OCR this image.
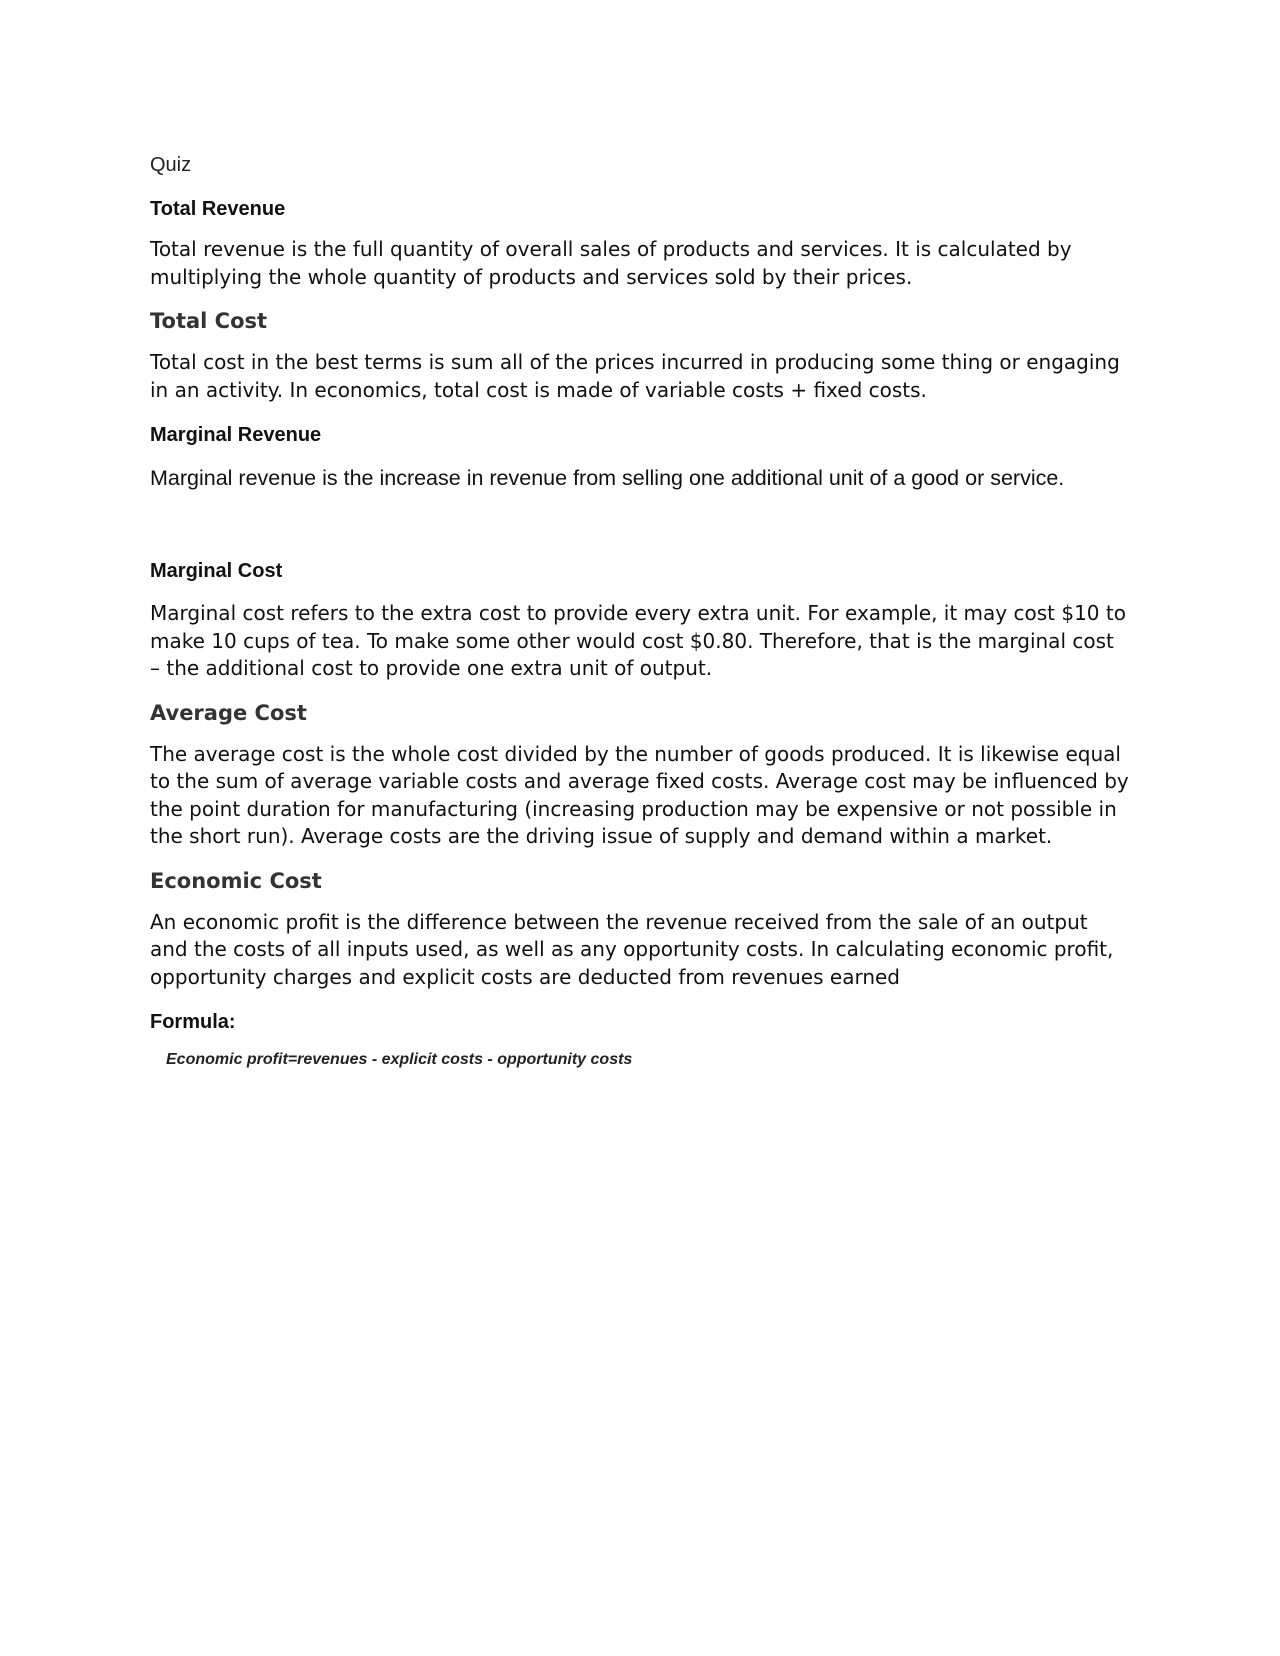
Quiz

Total Revenue

Total revenue is the full quantity of overall sales of products and services. It is calculated by multiplying the whole quantity of products and services sold by their prices.

Total Cost

Total cost in the best terms is sum all of the prices incurred in producing some thing or engaging in an activity. In economics, total cost is made of variable costs + fixed costs.

Marginal Revenue

Marginal revenue is the increase in revenue from selling one additional unit of a good or service.

Marginal Cost

Marginal cost refers to the extra cost to provide every extra unit. For example, it may cost $10 to make 10 cups of tea. To make some other would cost $0.80. Therefore, that is the marginal cost – the additional cost to provide one extra unit of output.

Average Cost

The average cost is the whole cost divided by the number of goods produced. It is likewise equal to the sum of average variable costs and average fixed costs. Average cost may be influenced by the point duration for manufacturing (increasing production may be expensive or not possible in the short run). Average costs are the driving issue of supply and demand within a market.

Economic Cost

An economic profit is the difference between the revenue received from the sale of an output and the costs of all inputs used, as well as any opportunity costs. In calculating economic profit, opportunity charges and explicit costs are deducted from revenues earned

Formula:

Economic profit=revenues - explicit costs - opportunity costs
